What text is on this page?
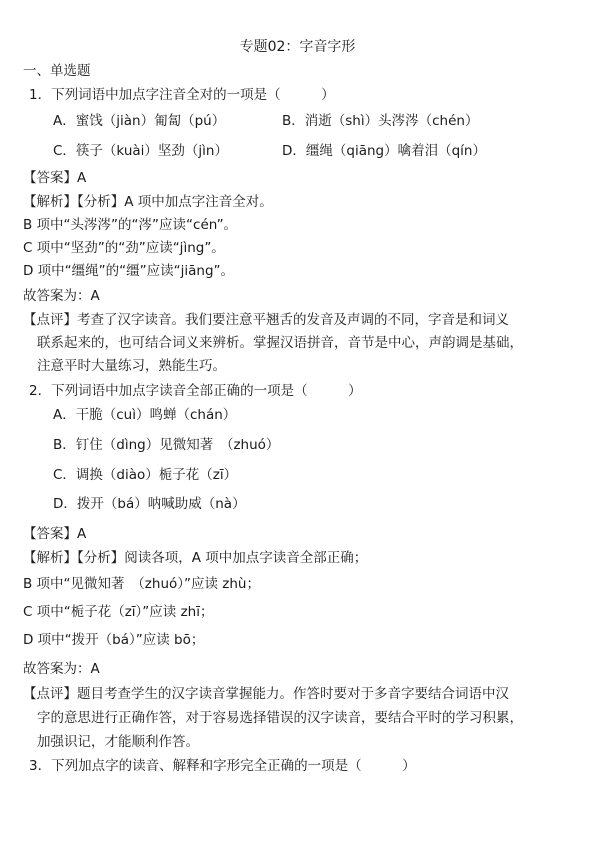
专题02：字音字形
一、单选题
1．下列词语中加点字注音全对的一项是（　　　）
A．蜜饯（jiàn）匍匐（pú）	B．消逝（shì）头涔涔（chén）
C．筷子（kuài）坚劲（jìn）	D．缰绳（qiāng）噙着泪（qín）
【答案】A
【解析】【分析】A 项中加点字注音全对。
B 项中“头涔涔”的“涔”应读“cén”。
C 项中“坚劲”的“劲”应读“jìng”。
D 项中“缰绳”的“缰”应读“jiāng”。
故答案为：A
【点评】考查了汉字读音。我们要注意平翘舌的发音及声调的不同，字音是和词义
联系起来的，也可结合词义来辨析。掌握汉语拼音，音节是中心，声韵调是基础，
注意平时大量练习，熟能生巧。
2．下列词语中加点字读音全部正确的一项是（　　　）
A．干脆（cuì）鸣蝉（chán）
B．钉住（dìng）见微知著　（zhuó）
C．调换（diào）栀子花（zī）
D．拨开（bá）呐喊助威（nà）
【答案】A
【解析】【分析】阅读各项，A 项中加点字读音全部正确；
B 项中“见微知著　（zhuó）”应读 zhù；
C 项中“栀子花（zī）”应读 zhī；
D 项中“拨开（bá）”应读 bō；
故答案为：A
【点评】题目考查学生的汉字读音掌握能力。作答时要对于多音字要结合词语中汉
字的意思进行正确作答，对于容易选择错误的汉字读音，要结合平时的学习积累，
加强识记，才能顺利作答。
3．下列加点字的读音、解释和字形完全正确的一项是（　　　）
